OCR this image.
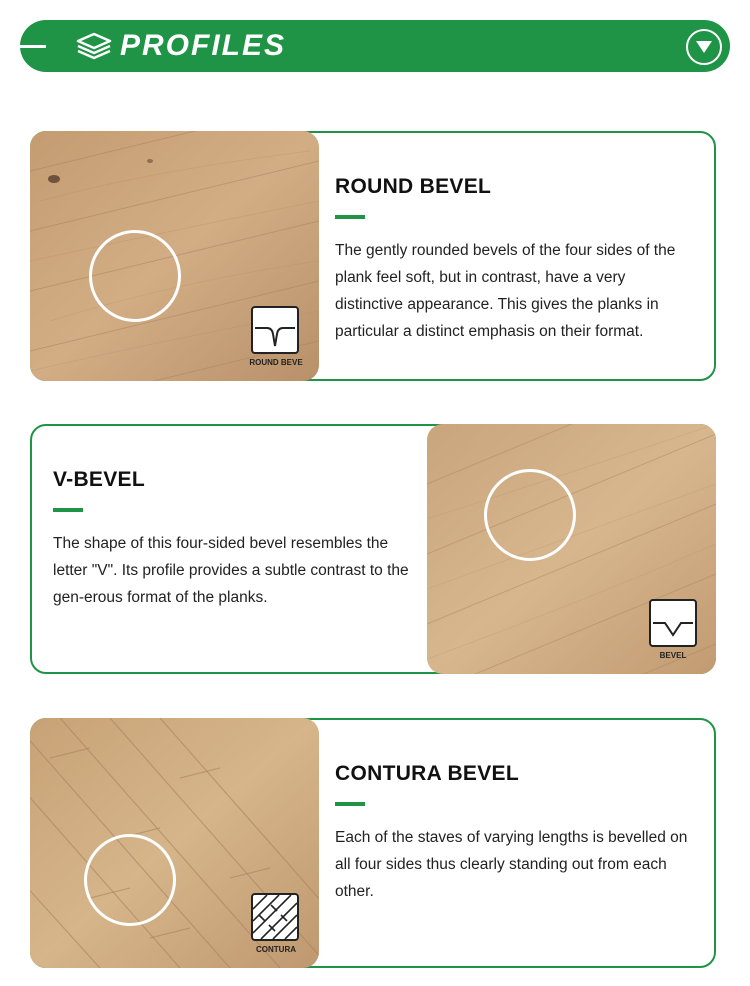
PROFILES
ROUND BEVE
ROUND BEVEL

The gently rounded bevels of the four sides of the plank feel soft, but in contrast, have a very distinctive appearance. This gives the planks in particular a distinct emphasis on their format.

V-BEVEL

The shape of this four-sided bevel resembles the letter "V". Its profile provides a subtle contrast to the gen-erous format of the planks.

BEVEL
CONTURA
CONTURA BEVEL

Each of the staves of varying lengths is bevelled on all four sides thus clearly standing out from each other.
